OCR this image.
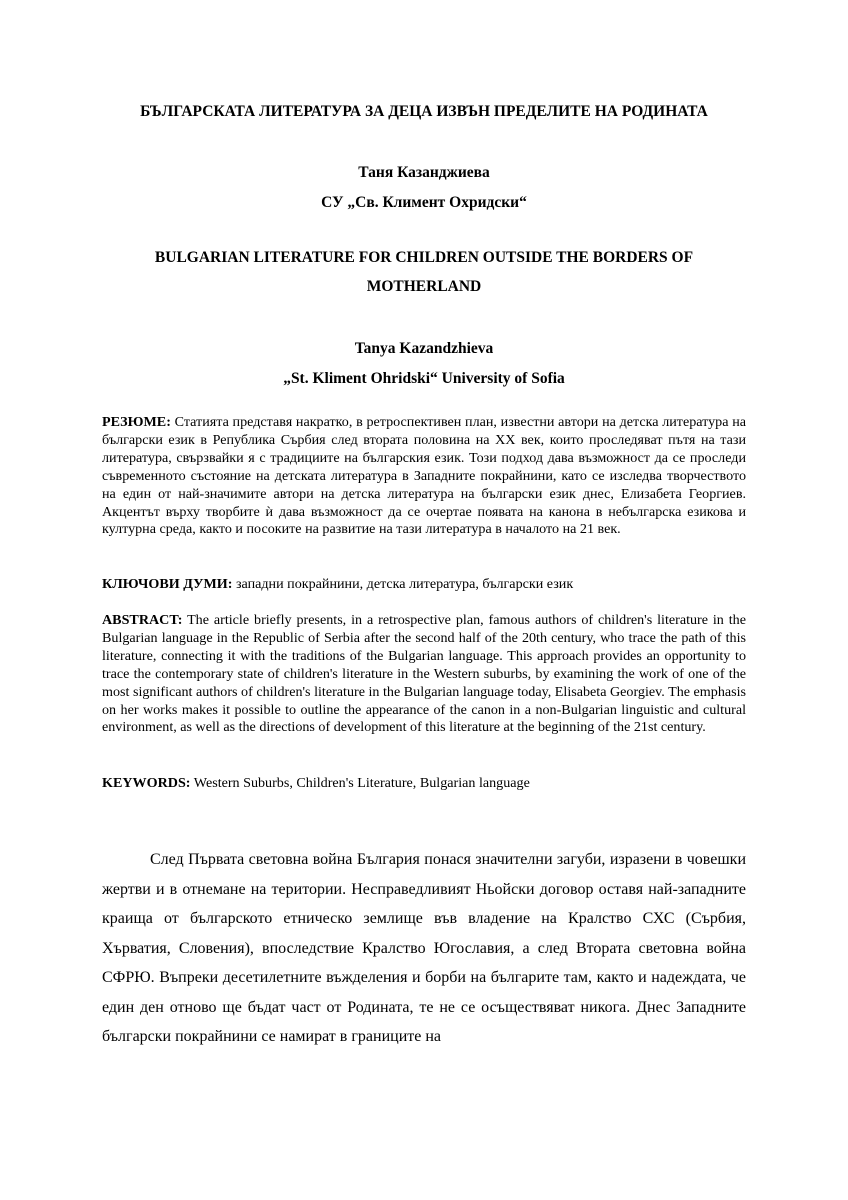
БЪЛГАРСКАТА ЛИТЕРАТУРА ЗА ДЕЦА ИЗВЪН ПРЕДЕЛИТЕ НА РОДИНАТА
Таня Казанджиева
СУ „Св. Климент Охридски“
BULGARIAN LITERATURE FOR CHILDREN OUTSIDE THE BORDERS OF MOTHERLAND
Tanya Kazandzhieva
„St. Kliment Ohridski“ University of Sofia
РЕЗЮМЕ: Статията представя накратко, в ретроспективен план, известни автори на детска литература на български език в Република Сърбия след втората половина на XX век, които проследяват пътя на тази литература, свързвайки я с традициите на българския език. Този подход дава възможност да се проследи съвременното състояние на детската литература в Западните покрайнини, като се изследва творчеството на един от най-значимите автори на детска литература на български език днес, Елизабета Георгиев. Акцентът върху творбите ѝ дава възможност да се очертае появата на канона в небългарска езикова и културна среда, както и посоките на развитие на тази литература в началото на 21 век.
КЛЮЧОВИ ДУМИ: западни покрайнини, детска литература, български език
ABSTRACT: The article briefly presents, in a retrospective plan, famous authors of children's literature in the Bulgarian language in the Republic of Serbia after the second half of the 20th century, who trace the path of this literature, connecting it with the traditions of the Bulgarian language. This approach provides an opportunity to trace the contemporary state of children's literature in the Western suburbs, by examining the work of one of the most significant authors of children's literature in the Bulgarian language today, Elisabeta Georgiev. The emphasis on her works makes it possible to outline the appearance of the canon in a non-Bulgarian linguistic and cultural environment, as well as the directions of development of this literature at the beginning of the 21st century.
KEYWORDS: Western Suburbs, Children's Literature, Bulgarian language
След Първата световна война България понася значителни загуби, изразени в човешки жертви и в отнемане на територии. Несправедливият Ньойски договор оставя най-западните краища от българското етническо землище във владение на Кралство СХС (Сърбия, Хърватия, Словения), впоследствие Кралство Югославия, а след Втората световна война СФРЮ. Въпреки десетилетните въжделения и борби на българите там, както и надеждата, че един ден отново ще бъдат част от Родината, те не се осъществяват никога. Днес Западните български покрайнини се намират в границите на
